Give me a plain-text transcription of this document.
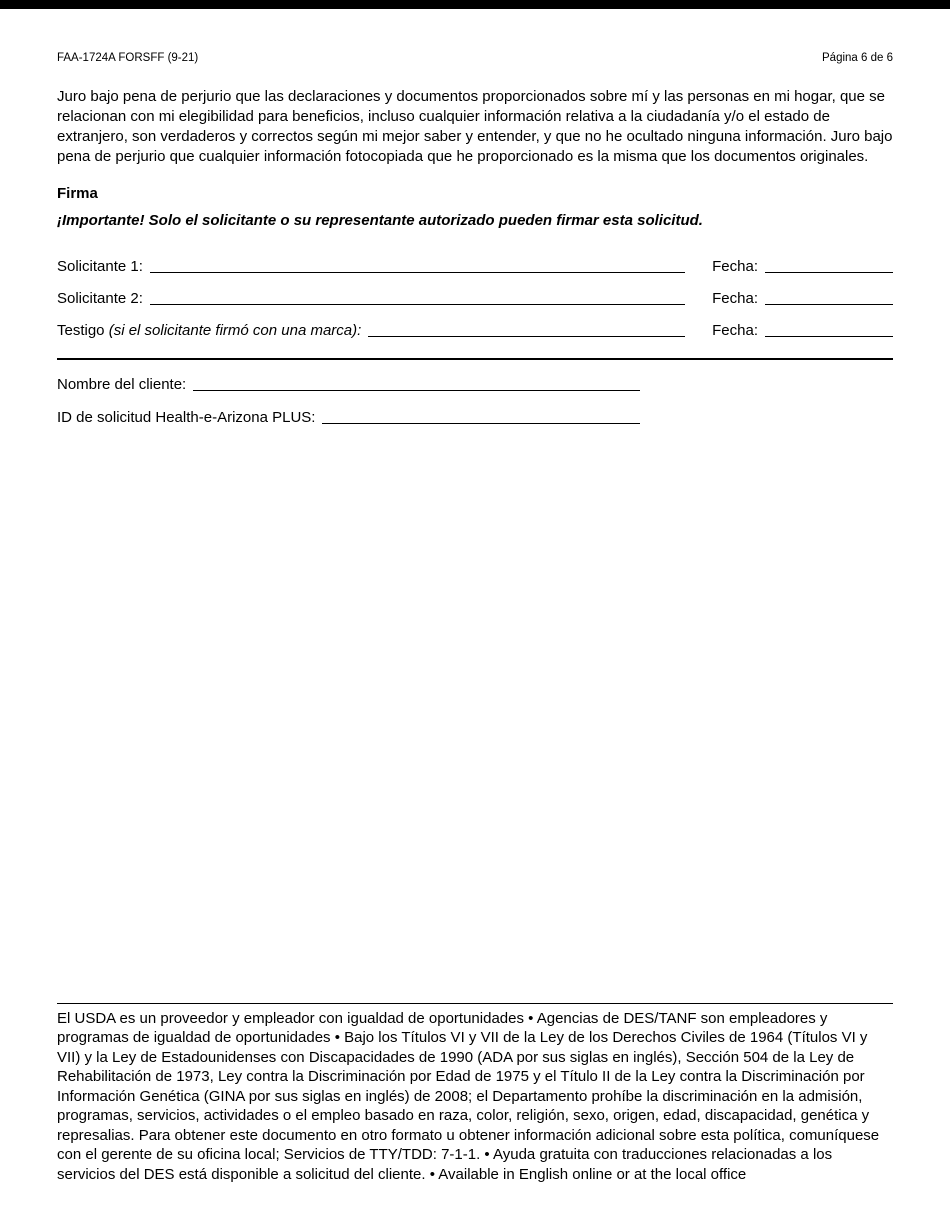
FAA-1724A FORSFF (9-21)	Página 6 de 6

Juro bajo pena de perjurio que las declaraciones y documentos proporcionados sobre mí y las personas en mi hogar, que se relacionan con mi elegibilidad para beneficios, incluso cualquier información relativa a la ciudadanía y/o el estado de extranjero, son verdaderos y correctos según mi mejor saber y entender, y que no he ocultado ninguna información. Juro bajo pena de perjurio que cualquier información fotocopiada que he proporcionado es la misma que los documentos originales.

Firma

¡Importante! Solo el solicitante o su representante autorizado pueden firmar esta solicitud.

Solicitante 1:	Fecha:
Solicitante 2:	Fecha:
Testigo (si el solicitante firmó con una marca):	Fecha:
Nombre del cliente:
ID de solicitud Health-e-Arizona PLUS:

El USDA es un proveedor y empleador con igualdad de oportunidades • Agencias de DES/TANF son empleadores y programas de igualdad de oportunidades • Bajo los Títulos VI y VII de la Ley de los Derechos Civiles de 1964 (Títulos VI y VII) y la Ley de Estadounidenses con Discapacidades de 1990 (ADA por sus siglas en inglés), Sección 504 de la Ley de Rehabilitación de 1973, Ley contra la Discriminación por Edad de 1975 y el Título II de la Ley contra la Discriminación por Información Genética (GINA por sus siglas en inglés) de 2008; el Departamento prohíbe la discriminación en la admisión, programas, servicios, actividades o el empleo basado en raza, color, religión, sexo, origen, edad, discapacidad, genética y represalias. Para obtener este documento en otro formato u obtener información adicional sobre esta política, comuníquese con el gerente de su oficina local; Servicios de TTY/TDD: 7-1-1. • Ayuda gratuita con traducciones relacionadas a los servicios del DES está disponible a solicitud del cliente. • Available in English online or at the local office
